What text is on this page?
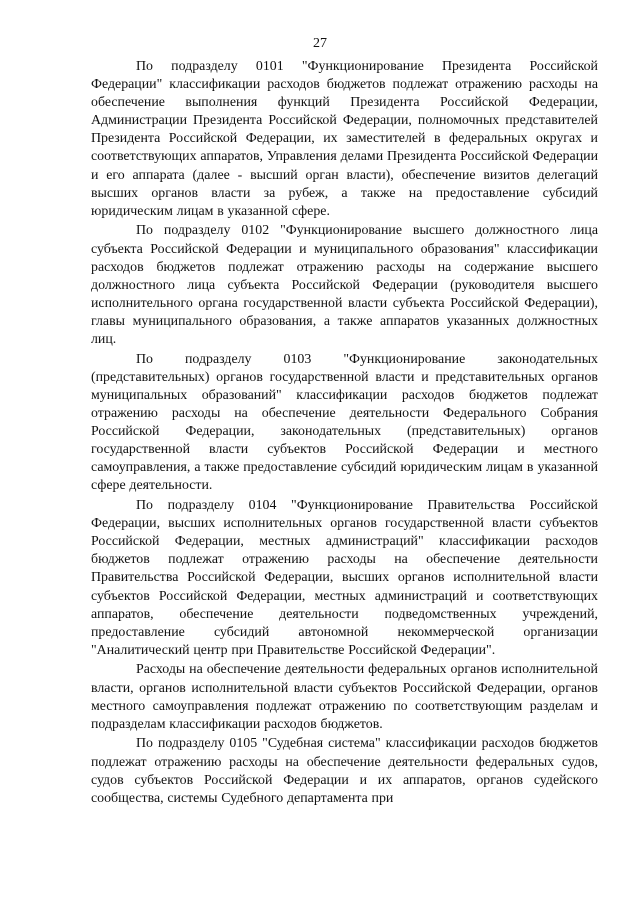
27

По подразделу 0101 "Функционирование Президента Российской Федерации" классификации расходов бюджетов подлежат отражению расходы на обеспечение выполнения функций Президента Российской Федерации, Администрации Президента Российской Федерации, полномочных представителей Президента Российской Федерации, их заместителей в федеральных округах и соответствующих аппаратов, Управления делами Президента Российской Федерации и его аппарата (далее - высший орган власти), обеспечение визитов делегаций высших органов власти за рубеж, а также на предоставление субсидий юридическим лицам в указанной сфере.

По подразделу 0102 "Функционирование высшего должностного лица субъекта Российской Федерации и муниципального образования" классификации расходов бюджетов подлежат отражению расходы на содержание высшего должностного лица субъекта Российской Федерации (руководителя высшего исполнительного органа государственной власти субъекта Российской Федерации), главы муниципального образования, а также аппаратов указанных должностных лиц.

По подразделу 0103 "Функционирование законодательных (представительных) органов государственной власти и представительных органов муниципальных образований" классификации расходов бюджетов подлежат отражению расходы на обеспечение деятельности Федерального Собрания Российской Федерации, законодательных (представительных) органов государственной власти субъектов Российской Федерации и местного самоуправления, а также предоставление субсидий юридическим лицам в указанной сфере деятельности.

По подразделу 0104 "Функционирование Правительства Российской Федерации, высших исполнительных органов государственной власти субъектов Российской Федерации, местных администраций" классификации расходов бюджетов подлежат отражению расходы на обеспечение деятельности Правительства Российской Федерации, высших органов исполнительной власти субъектов Российской Федерации, местных администраций и соответствующих аппаратов, обеспечение деятельности подведомственных учреждений, предоставление субсидий автономной некоммерческой организации "Аналитический центр при Правительстве Российской Федерации".

Расходы на обеспечение деятельности федеральных органов исполнительной власти, органов исполнительной власти субъектов Российской Федерации, органов местного самоуправления подлежат отражению по соответствующим разделам и подразделам классификации расходов бюджетов.

По подразделу 0105 "Судебная система" классификации расходов бюджетов подлежат отражению расходы на обеспечение деятельности федеральных судов, судов субъектов Российской Федерации и их аппаратов, органов судейского сообщества, системы Судебного департамента при
